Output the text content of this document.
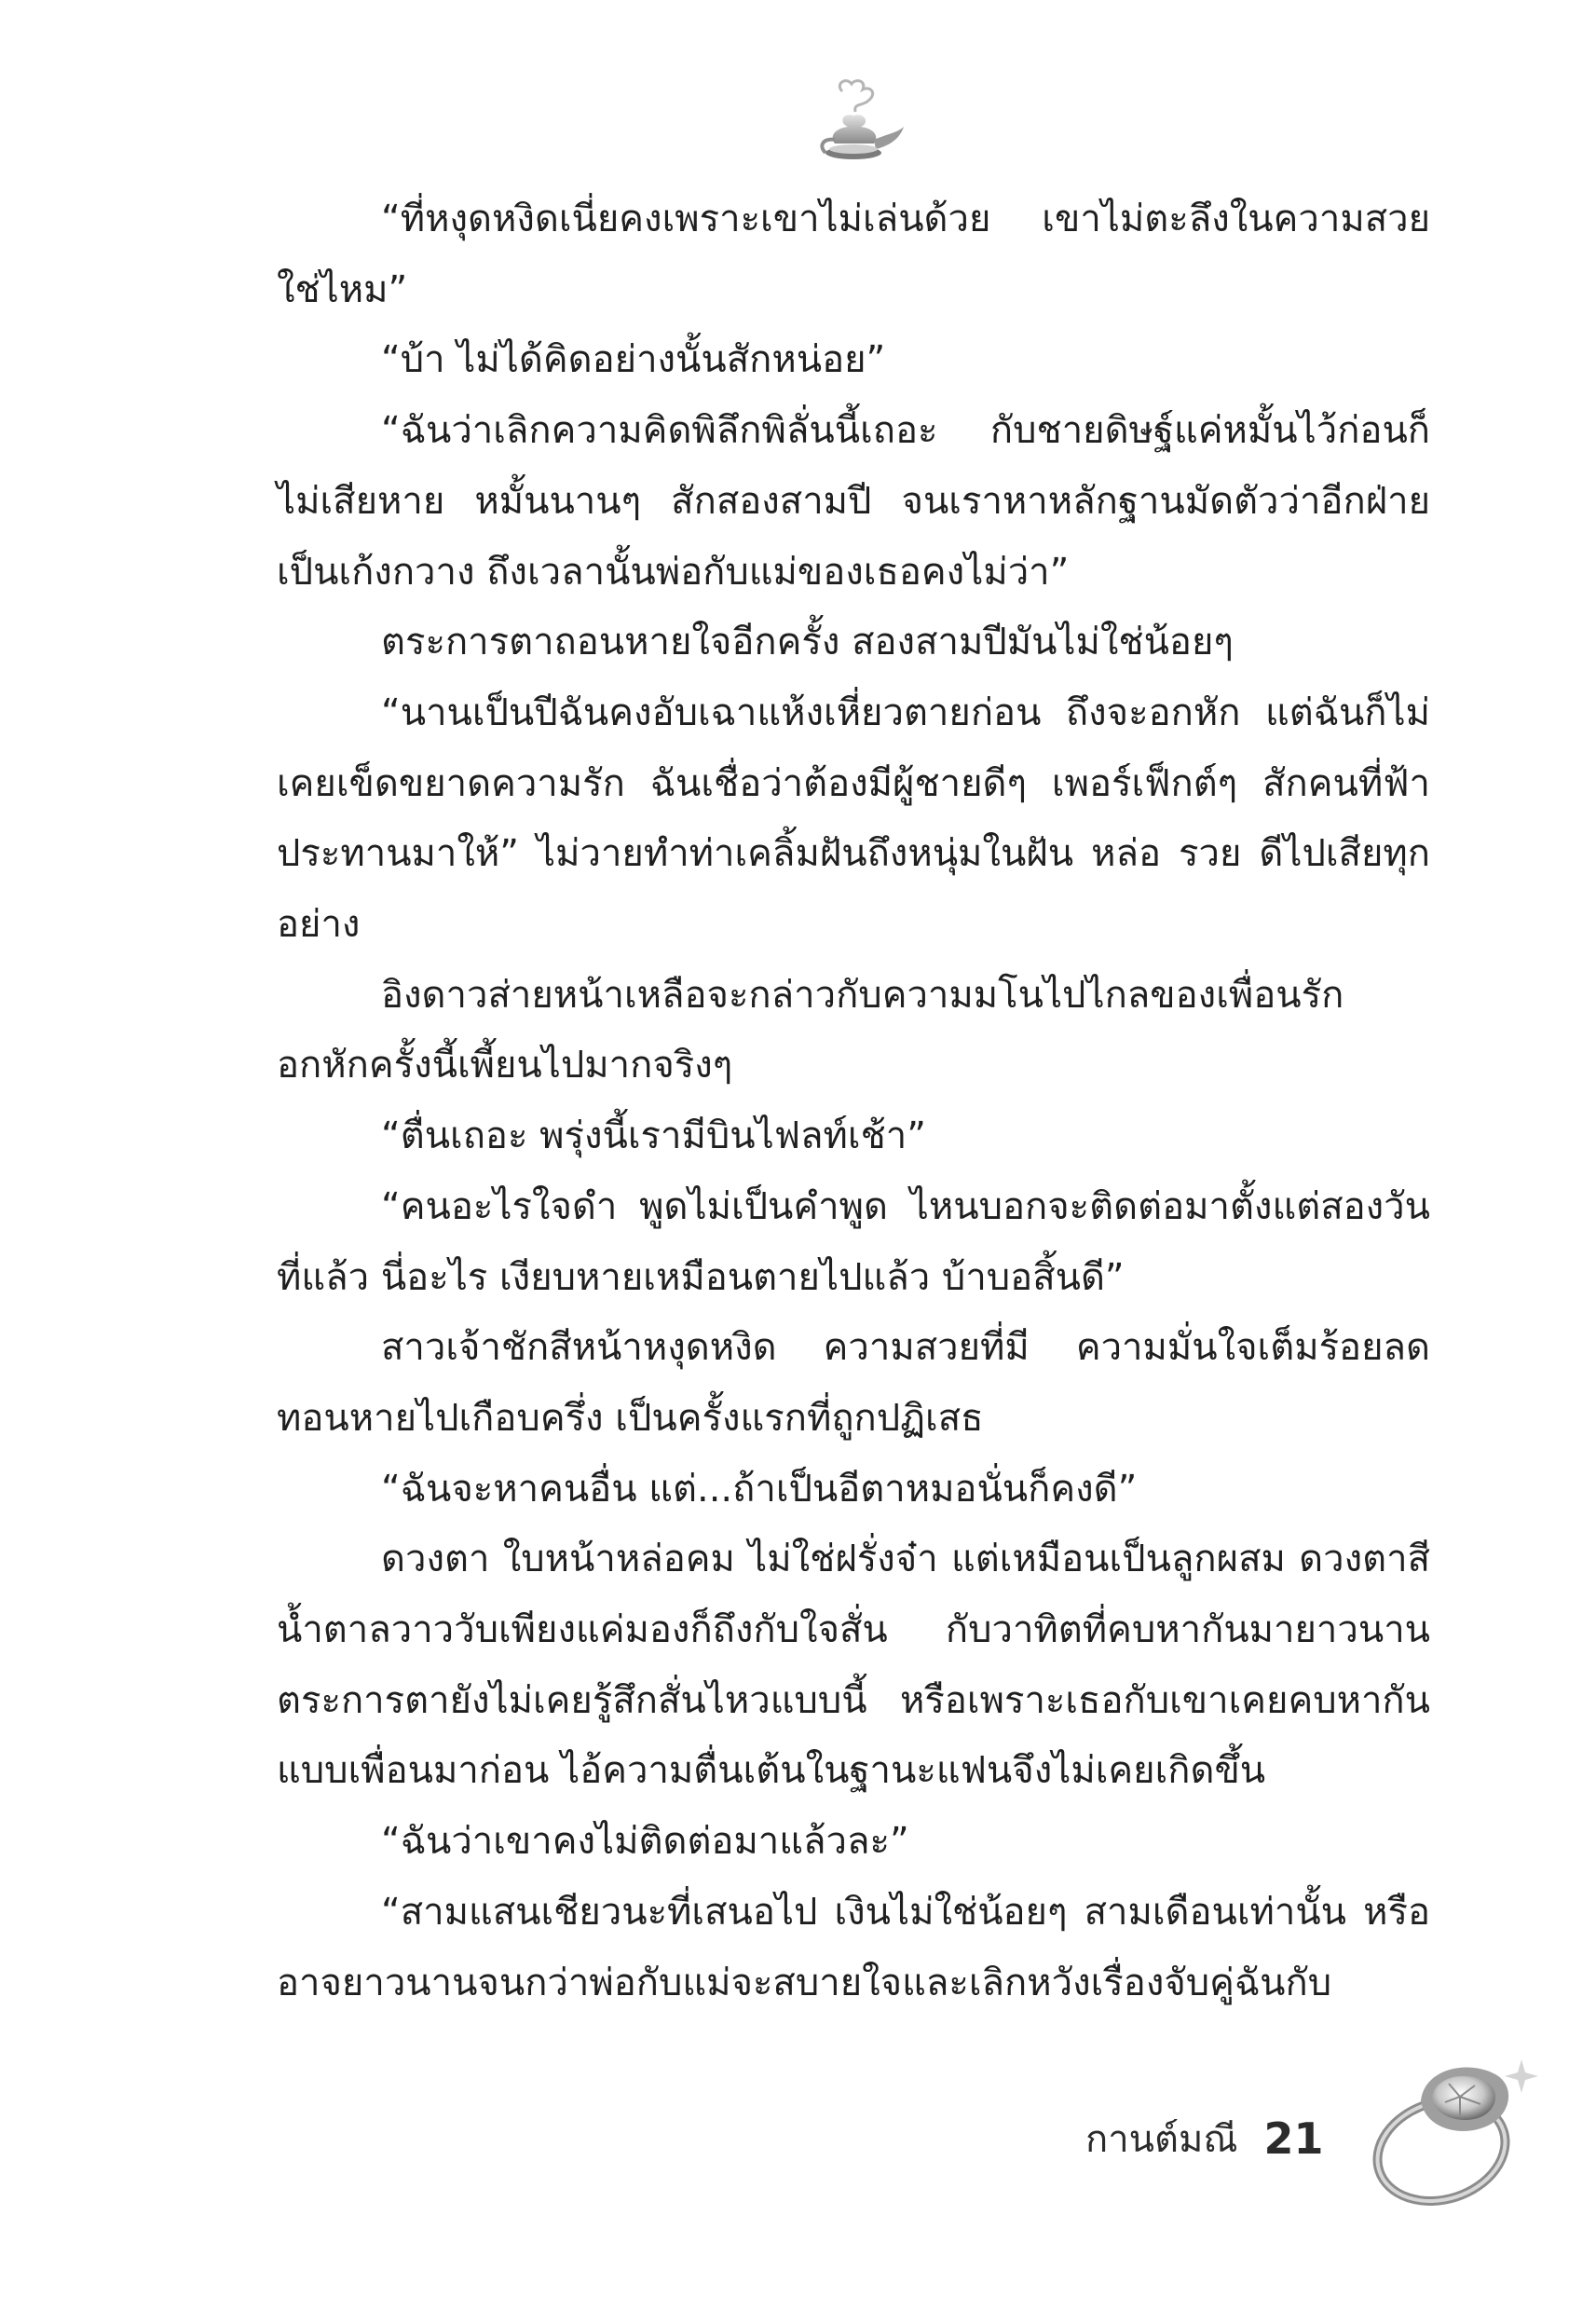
“ที่หงุดหงิดเนี่ยคงเพราะเขาไม่เล่นด้วย เขาไม่ตะลึงในความสวยใช่ไหม”

“บ้า ไม่ได้คิดอย่างนั้นสักหน่อย”

“ฉันว่าเลิกความคิดพิลึกพิลั่นนี้เถอะ กับชายดิษฐ์แค่หมั้นไว้ก่อนก็ไม่เสียหาย หมั้นนานๆ สักสองสามปี จนเราหาหลักฐานมัดตัวว่าอีกฝ่ายเป็นเก้งกวาง ถึงเวลานั้นพ่อกับแม่ของเธอคงไม่ว่า”

ตระการตาถอนหายใจอีกครั้ง สองสามปีมันไม่ใช่น้อยๆ

“นานเป็นปีฉันคงอับเฉาแห้งเหี่ยวตายก่อน ถึงจะอกหัก แต่ฉันก็ไม่เคยเข็ดขยาดความรัก ฉันเชื่อว่าต้องมีผู้ชายดีๆ เพอร์เฟ็กต์ๆ สักคนที่ฟ้าประทานมาให้” ไม่วายทำท่าเคลิ้มฝันถึงหนุ่มในฝัน หล่อ รวย ดีไปเสียทุกอย่าง

อิงดาวส่ายหน้าเหลือจะกล่าวกับความมโนไปไกลของเพื่อนรัก อกหักครั้งนี้เพี้ยนไปมากจริงๆ

“ตื่นเถอะ พรุ่งนี้เรามีบินไฟลท์เช้า”

“คนอะไรใจดำ พูดไม่เป็นคำพูด ไหนบอกจะติดต่อมาตั้งแต่สองวันที่แล้ว นี่อะไร เงียบหายเหมือนตายไปแล้ว บ้าบอสิ้นดี”

สาวเจ้าชักสีหน้าหงุดหงิด ความสวยที่มี ความมั่นใจเต็มร้อยลดทอนหายไปเกือบครึ่ง เป็นครั้งแรกที่ถูกปฏิเสธ

“ฉันจะหาคนอื่น แต่...ถ้าเป็นอีตาหมอนั่นก็คงดี”

ดวงตา ใบหน้าหล่อคม ไม่ใช่ฝรั่งจ๋า แต่เหมือนเป็นลูกผสม ดวงตาสีน้ำตาลวาววับเพียงแค่มองก็ถึงกับใจสั่น กับวาทิตที่คบหากันมายาวนาน ตระการตายังไม่เคยรู้สึกสั่นไหวแบบนี้ หรือเพราะเธอกับเขาเคยคบหากันแบบเพื่อนมาก่อน ไอ้ความตื่นเต้นในฐานะแฟนจึงไม่เคยเกิดขึ้น

“ฉันว่าเขาคงไม่ติดต่อมาแล้วละ”

“สามแสนเชียวนะที่เสนอไป เงินไม่ใช่น้อยๆ สามเดือนเท่านั้น หรืออาจยาวนานจนกว่าพ่อกับแม่จะสบายใจและเลิกหวังเรื่องจับคู่ฉันกับ

กานต์มณี 21
